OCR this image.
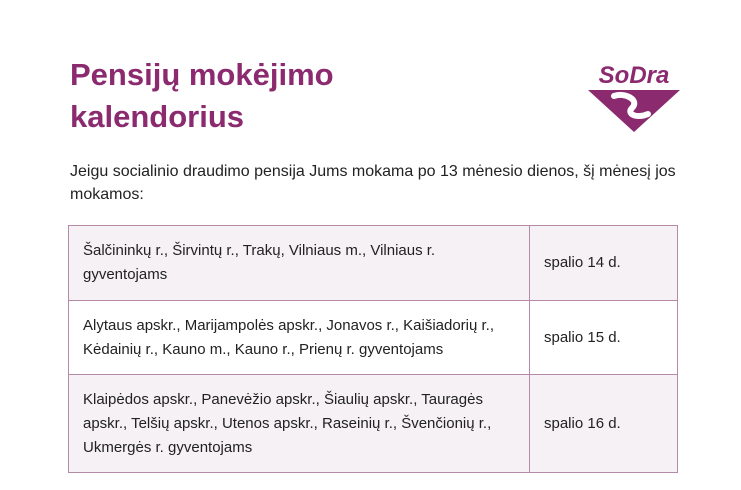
Pensijų mokėjimo
kalendorius
SoDra

Jeigu socialinio draudimo pensija Jums mokama po 13 mėnesio dienos, šį mėnesį jos mokamos:

Šalčininkų r., Širvintų r., Trakų, Vilniaus m., Vilniaus r. gyventojams	spalio 14 d.
Alytaus apskr., Marijampolės apskr., Jonavos r., Kaišiadorių r., Kėdainių r., Kauno m., Kauno r., Prienų r. gyventojams	spalio 15 d.
Klaipėdos apskr., Panevėžio apskr., Šiaulių apskr., Tauragės apskr., Telšių apskr., Utenos apskr., Raseinių r., Švenčionių r., Ukmergės r. gyventojams	spalio 16 d.
